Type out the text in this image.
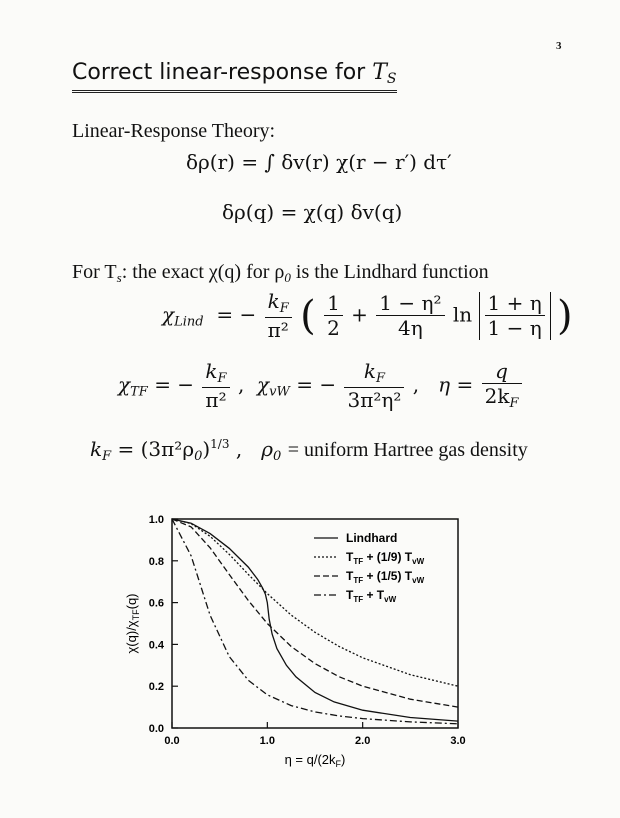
3
Correct linear-response for TS
Linear-Response Theory:
δρ(r) = ∫ δv(r) χ(r − r′) dτ′
δρ(q) = χ(q) δv(q)
For $T_s$: the exact χ(q) for $\rho_0$ is the Lindhard function
$\chi_{Lind}$  = − $\frac{k_F}{\text{π²}}$ ( $\frac{1}{2} + \frac{\text{1 − η²}}{4\eta}$ $\ln \frac{1 + \eta}{1 - \eta}$ )
$\chi_{TF}$ = − $\frac{k_F}{\text{π²}}$ ,  $\chi_{vW}$ = − $\frac{k_F}{\text{3π²η²}}$ ,   $\eta = \frac{q}{2k_F}$
$k_F = (3\pi^2\rho_0)^{1/3}$ ,   $\rho_0$ = uniform Hartree gas density
0.0	1.0	2.0	3.0
0.0
0.2
0.4
0.6
0.8
1.0
$\eta = q/(2k_F)$
$\chi(q)/\chi_{TF}(q)$
Lindhard
$T_{TF} + (1/9)$ $T_{vW}$
$T_{TF} + (1/5)$ $T_{vW}$
$T_{TF} + T_{vW}$
